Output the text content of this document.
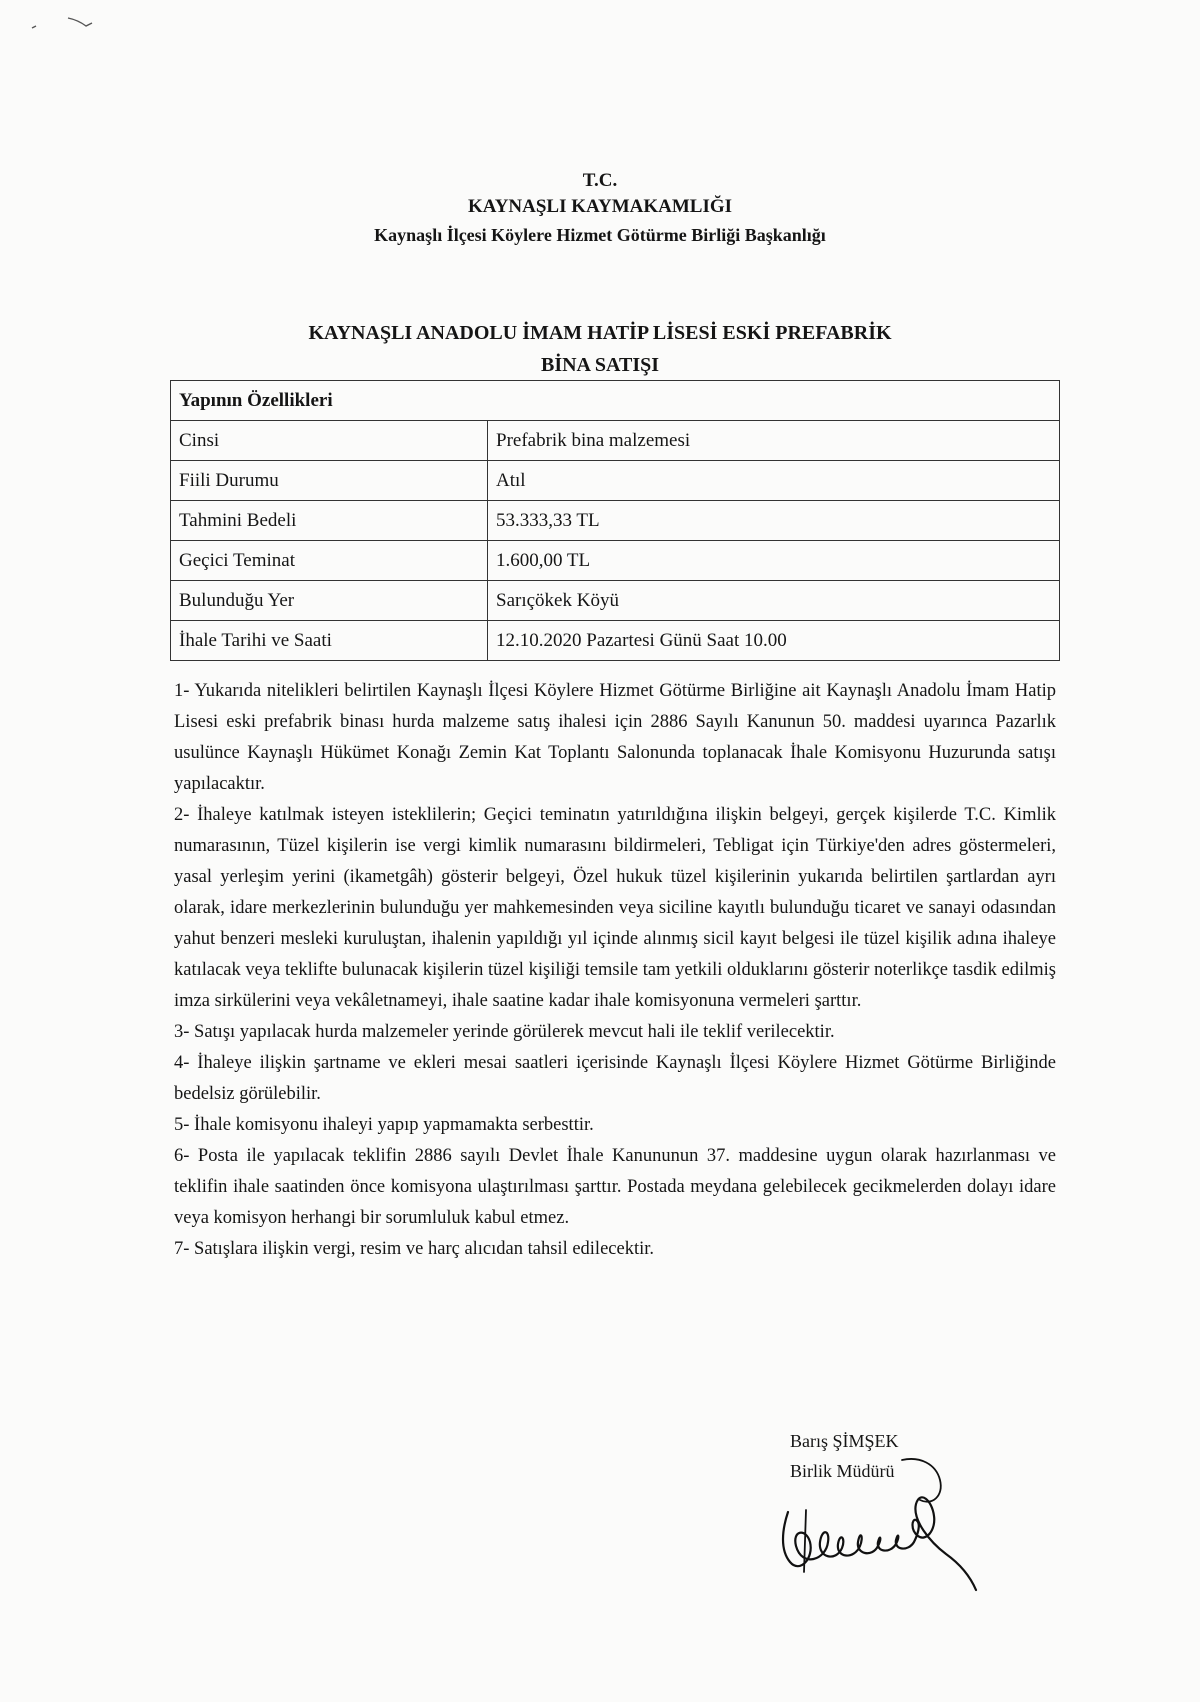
T.C.
KAYNAŞLI KAYMAKAMLIĞI
Kaynaşlı İlçesi Köylere Hizmet Götürme Birliği Başkanlığı
KAYNAŞLI ANADOLU İMAM HATİP LİSESİ ESKİ PREFABRİK
BİNA SATIŞI
Yapının Özellikleri	
Cinsi	Prefabrik bina malzemesi
Fiili Durumu	Atıl
Tahmini Bedeli	53.333,33 TL
Geçici Teminat	1.600,00 TL
Bulunduğu Yer	Sarıçökek Köyü
İhale Tarihi ve Saati	12.10.2020 Pazartesi Günü Saat 10.00

1- Yukarıda nitelikleri belirtilen Kaynaşlı İlçesi Köylere Hizmet Götürme Birliğine ait Kaynaşlı Anadolu İmam Hatip Lisesi eski prefabrik binası hurda malzeme satış ihalesi için 2886 Sayılı Kanunun 50. maddesi uyarınca Pazarlık usulünce Kaynaşlı Hükümet Konağı Zemin Kat Toplantı Salonunda toplanacak İhale Komisyonu Huzurunda satışı yapılacaktır.

2- İhaleye katılmak isteyen isteklilerin; Geçici teminatın yatırıldığına ilişkin belgeyi, gerçek kişilerde T.C. Kimlik numarasının, Tüzel kişilerin ise vergi kimlik numarasını bildirmeleri, Tebligat için Türkiye'den adres göstermeleri, yasal yerleşim yerini (ikametgâh) gösterir belgeyi, Özel hukuk tüzel kişilerinin yukarıda belirtilen şartlardan ayrı olarak, idare merkezlerinin bulunduğu yer mahkemesinden veya siciline kayıtlı bulunduğu ticaret ve sanayi odasından yahut benzeri mesleki kuruluştan, ihalenin yapıldığı yıl içinde alınmış sicil kayıt belgesi ile tüzel kişilik adına ihaleye katılacak veya teklifte bulunacak kişilerin tüzel kişiliği temsile tam yetkili olduklarını gösterir noterlikçe tasdik edilmiş imza sirkülerini veya vekâletnameyi, ihale saatine kadar ihale komisyonuna vermeleri şarttır.

3- Satışı yapılacak hurda malzemeler yerinde görülerek mevcut hali ile teklif verilecektir.

4- İhaleye ilişkin şartname ve ekleri mesai saatleri içerisinde Kaynaşlı İlçesi Köylere Hizmet Götürme Birliğinde bedelsiz görülebilir.

5- İhale komisyonu ihaleyi yapıp yapmamakta serbesttir.

6- Posta ile yapılacak teklifin 2886 sayılı Devlet İhale Kanununun 37. maddesine uygun olarak hazırlanması ve teklifin ihale saatinden önce komisyona ulaştırılması şarttır. Postada meydana gelebilecek gecikmelerden dolayı idare veya komisyon herhangi bir sorumluluk kabul etmez.

7- Satışlara ilişkin vergi, resim ve harç alıcıdan tahsil edilecektir.

Barış ŞİMŞEK
Birlik Müdürü
